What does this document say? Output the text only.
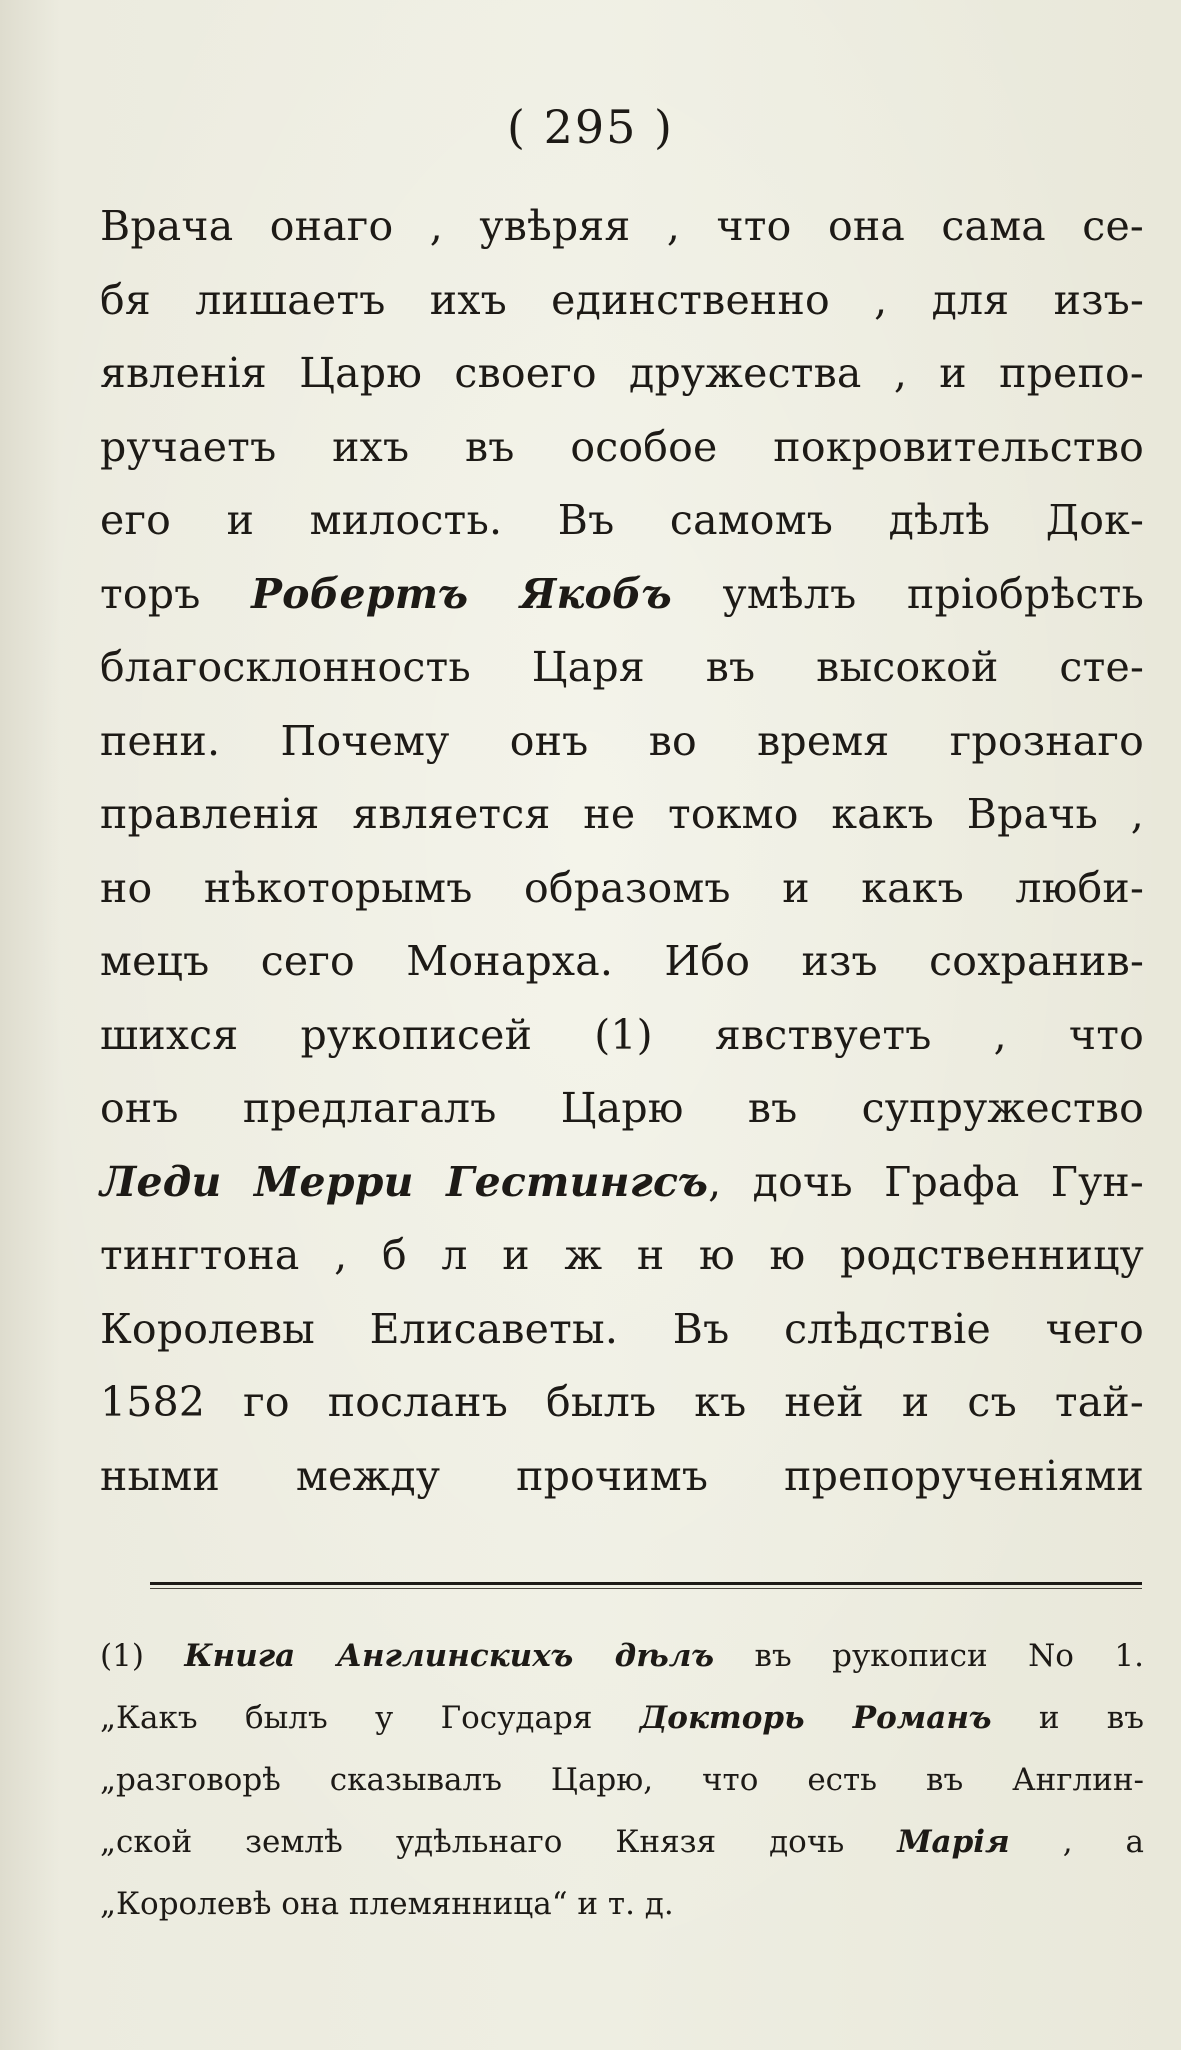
( 295 )
Врача онаго , увѣряя , что она сама се-
бя лишаетъ ихъ единственно , для изъ-
явленія Царю своего дружества , и препо-
ручаетъ ихъ въ особое покровительство
его и милость. Въ самомъ дѣлѣ Док-
торъ Робертъ Якобъ умѣлъ пріобрѣсть
благосклонность Царя въ высокой сте-
пени. Почему онъ во время грознаго
правленія является не токмо какъ Врачь ,
но нѣкоторымъ образомъ и какъ люби-
мецъ сего Монарха. Ибо изъ сохранив-
шихся рукописей (1) явствуетъ , что
онъ предлагалъ Царю въ супружество
Леди Мерри Гестингсъ, дочь Графа Гун-
тингтона , б л и ж н ю ю родственницу
Королевы Елисаветы. Въ слѣдствіе чего
1582 го посланъ былъ къ ней и съ тай-
ными между прочимъ препорученіями
(1) Книга Англинскихъ дѣлъ въ рукописи No 1.
„Какъ былъ у Государя Докторь Романъ и въ
„разговорѣ сказывалъ Царю, что есть въ Англин-
„ской землѣ удѣльнаго Князя дочь Марія , а
„Королевѣ она племянница“ и т. д.
